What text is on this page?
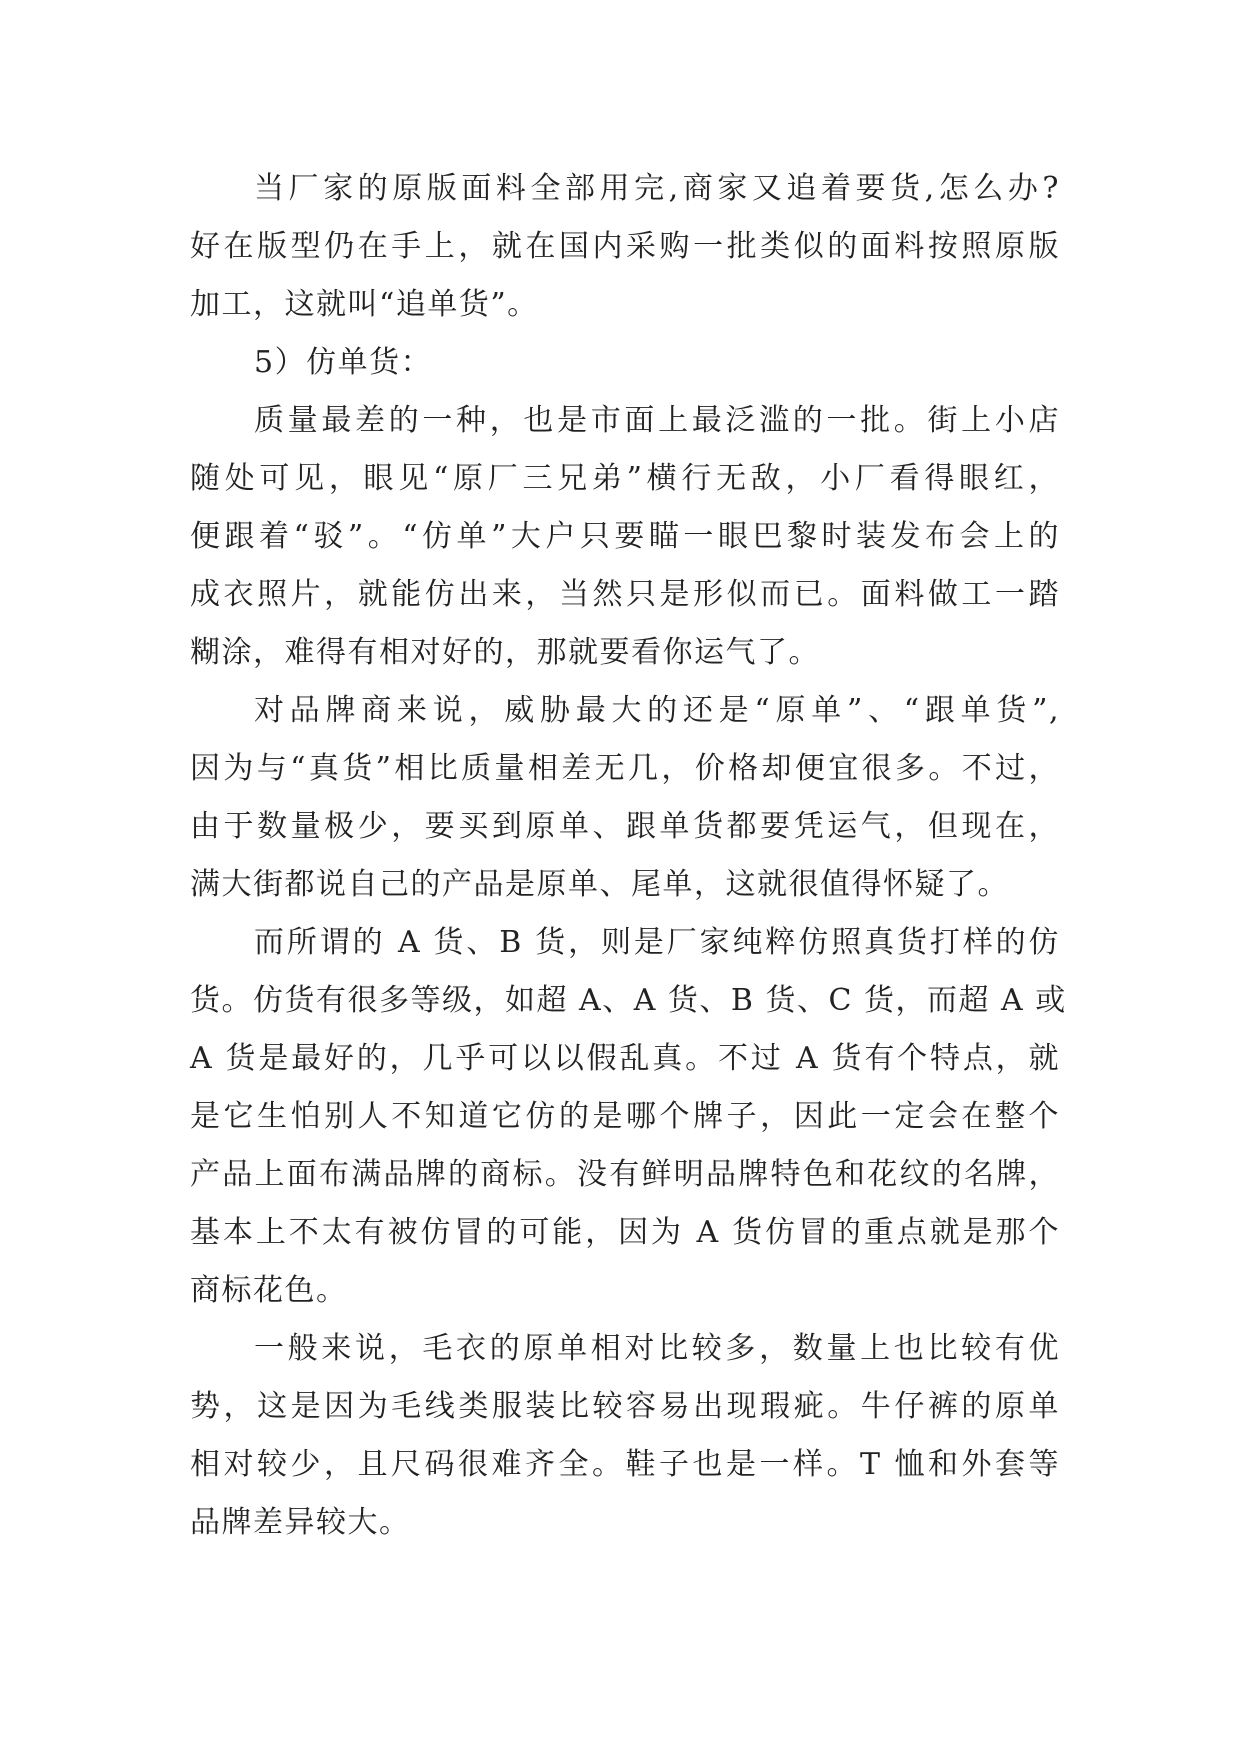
当厂家的原版面料全部用完,商家又追着要货,怎么办?
好在版型仍在手上，就在国内采购一批类似的面料按照原版
加工，这就叫“追单货”。
5）仿单货：
质量最差的一种，也是市面上最泛滥的一批。街上小店
随处可见，眼见“原厂三兄弟”横行无敌，小厂看得眼红，
便跟着“驳”。“仿单”大户只要瞄一眼巴黎时装发布会上的
成衣照片，就能仿出来，当然只是形似而已。面料做工一踏
糊涂，难得有相对好的，那就要看你运气了。
对品牌商来说，威胁最大的还是“原单”、“跟单货”,
因为与“真货”相比质量相差无几，价格却便宜很多。不过，
由于数量极少，要买到原单、跟单货都要凭运气，但现在，
满大街都说自己的产品是原单、尾单，这就很值得怀疑了。
而所谓的 A 货、B 货，则是厂家纯粹仿照真货打样的仿
货。仿货有很多等级，如超 A、A 货、B 货、C 货，而超 A 或
A 货是最好的，几乎可以以假乱真。不过 A 货有个特点，就
是它生怕别人不知道它仿的是哪个牌子，因此一定会在整个
产品上面布满品牌的商标。没有鲜明品牌特色和花纹的名牌，
基本上不太有被仿冒的可能，因为 A 货仿冒的重点就是那个
商标花色。
一般来说，毛衣的原单相对比较多，数量上也比较有优
势，这是因为毛线类服装比较容易出现瑕疵。牛仔裤的原单
相对较少，且尺码很难齐全。鞋子也是一样。T 恤和外套等
品牌差异较大。
